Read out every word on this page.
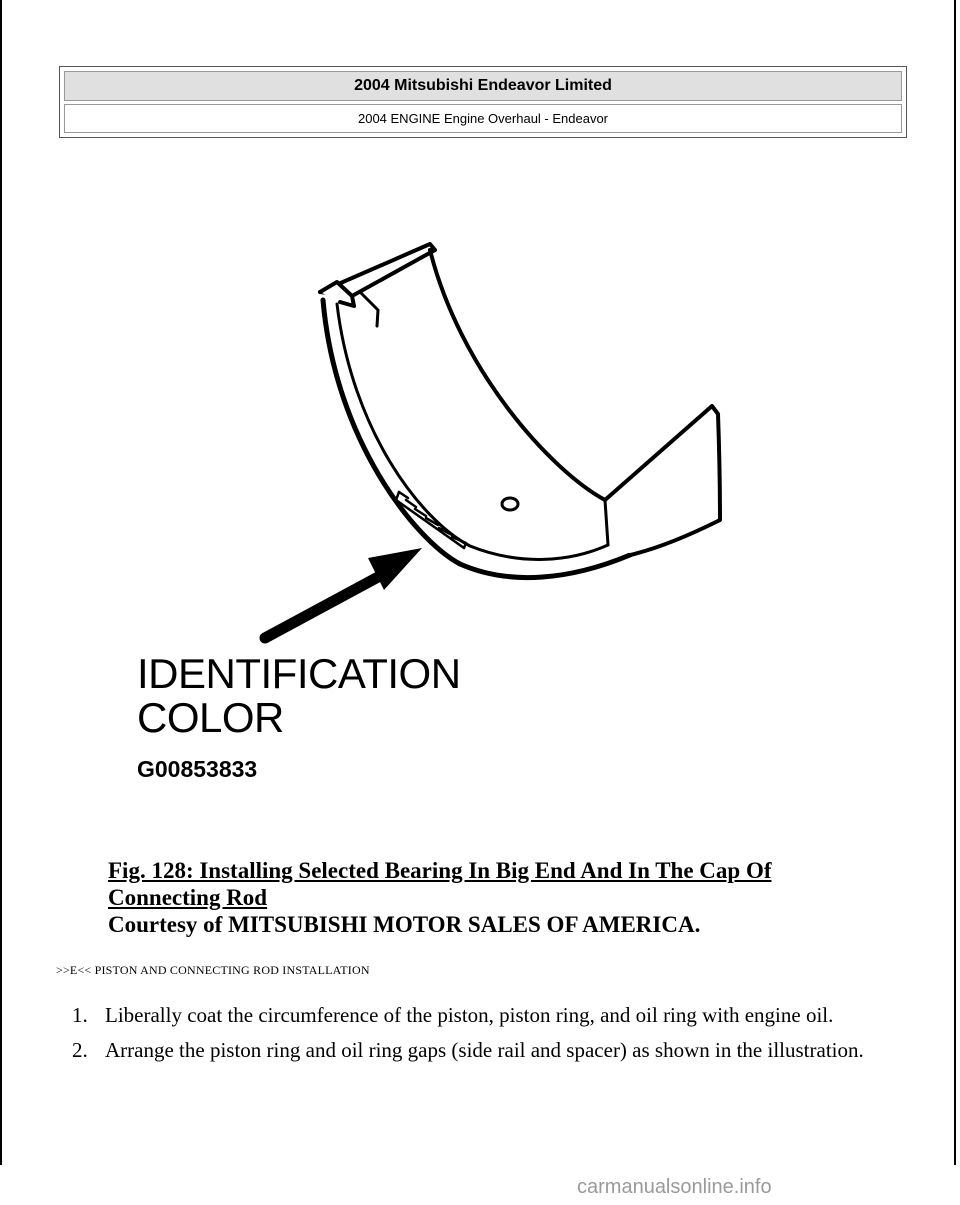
2004 Mitsubishi Endeavor Limited
2004 ENGINE Engine Overhaul - Endeavor
IDENTIFICATION
COLOR
G00853833
Fig. 128: Installing Selected Bearing In Big End And In The Cap Of
Connecting Rod
Courtesy of MITSUBISHI MOTOR SALES OF AMERICA.
>>E<< PISTON AND CONNECTING ROD INSTALLATION
1. Liberally coat the circumference of the piston, piston ring, and oil ring with engine oil.
2. Arrange the piston ring and oil ring gaps (side rail and spacer) as shown in the illustration.
carmanualsonline.info
